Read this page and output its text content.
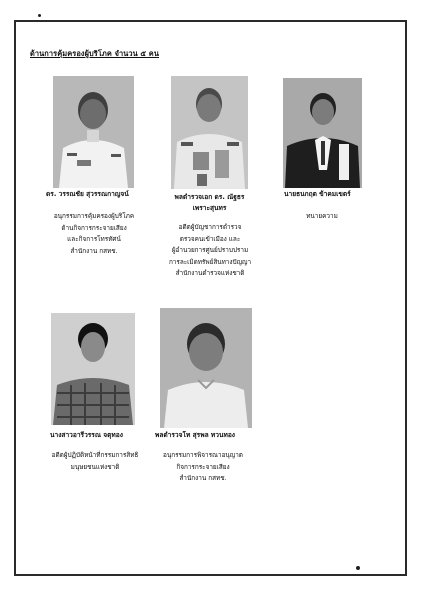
ด้านการคุ้มครองผู้บริโภค จำนวน ๕ คน
ดร. วรรณชัย สุวรรณกาญจน์
อนุกรรมการคุ้มครองผู้บริโภค
ด้านกิจการกระจายเสียง
และกิจการโทรทัศน์
สำนักงาน กสทช.
พลตำรวจเอก ดร. ณัฐธร
เพราะสุนทร
อดีตผู้บัญชาการตำรวจ
ตรวจคนเข้าเมือง และ
ผู้อำนวยการศูนย์ปราบปราม
การละเมิดทรัพย์สินทางปัญญา
สำนักงานตำรวจแห่งชาติ
นายธนกฤต ข้าคมเขตร์
ทนายความ
นางสาวอารีวรรณ จตุทอง
อดีตผู้ปฏิบัติหน้าที่กรรมการสิทธิ
มนุษยชนแห่งชาติ
พลตำรวจโท สุรพล ทวนทอง
อนุกรรมการพิจารณาอนุญาต
กิจการกระจายเสียง
สำนักงาน กสทช.
